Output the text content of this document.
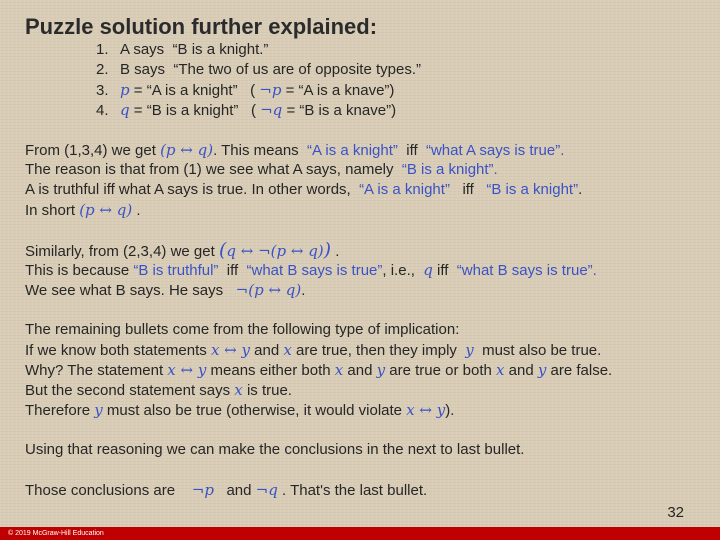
Puzzle solution further explained:
1. A says “B is a knight.”
2. B says “The two of us are of opposite types.”
3. p = “A is a knight” ( ¬p = “A is a knave”)
4. q = “B is a knight” ( ¬q = “B is a knave”)
From (1,3,4) we get (p ↔ q). This means “A is a knight” iff “what A says is true”.
The reason is that from (1) we see what A says, namely “B is a knight”.
A is truthful iff what A says is true. In other words, “A is a knight” iff “B is a knight”.
In short (p ↔ q) .
Similarly, from (2,3,4) we get (q ↔ ¬(p ↔ q)) .
This is because “B is truthful” iff “what B says is true”, i.e., q iff “what B says is true”.
We see what B says. He says ¬(p ↔ q).
The remaining bullets come from the following type of implication:
If we know both statements x ↔ y and x are true, then they imply y must also be true.
Why? The statement x ↔ y means either both x and y are true or both x and y are false.
But the second statement says x is true.
Therefore y must also be true (otherwise, it would violate x ↔ y).
Using that reasoning we can make the conclusions in the next to last bullet.
Those conclusions are ¬p and ¬q . That's the last bullet.
32
© 2019 McGraw-Hill Education
